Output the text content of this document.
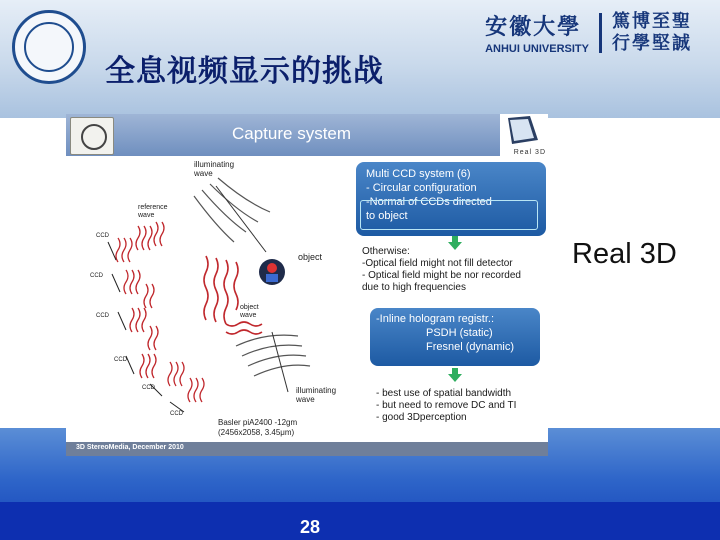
安徽大學
ANHUI UNIVERSITY
篤博至聖 行學堅誠
全息视频显示的挑战
28
Real 3D
Capture system
Real 3D
illuminating wave
reference wave
object
object wave
illuminating wave
CCD
CCD
CCD
CCD
CCD
CCD
Basler piA2400 -12gm
(2456x2058, 3.45μm)
Multi CCD system (6)
- Circular configuration
-Normal of CCDs directed
to object
Otherwise:
-Optical field might not fill detector
- Optical field might be nor recorded
due to high frequencies
-Inline hologram registr.:
PSDH (static)
Fresnel (dynamic)
- best use of spatial bandwidth
- but need to remove DC and TI
- good 3Dperception
3D StereoMedia, December 2010
